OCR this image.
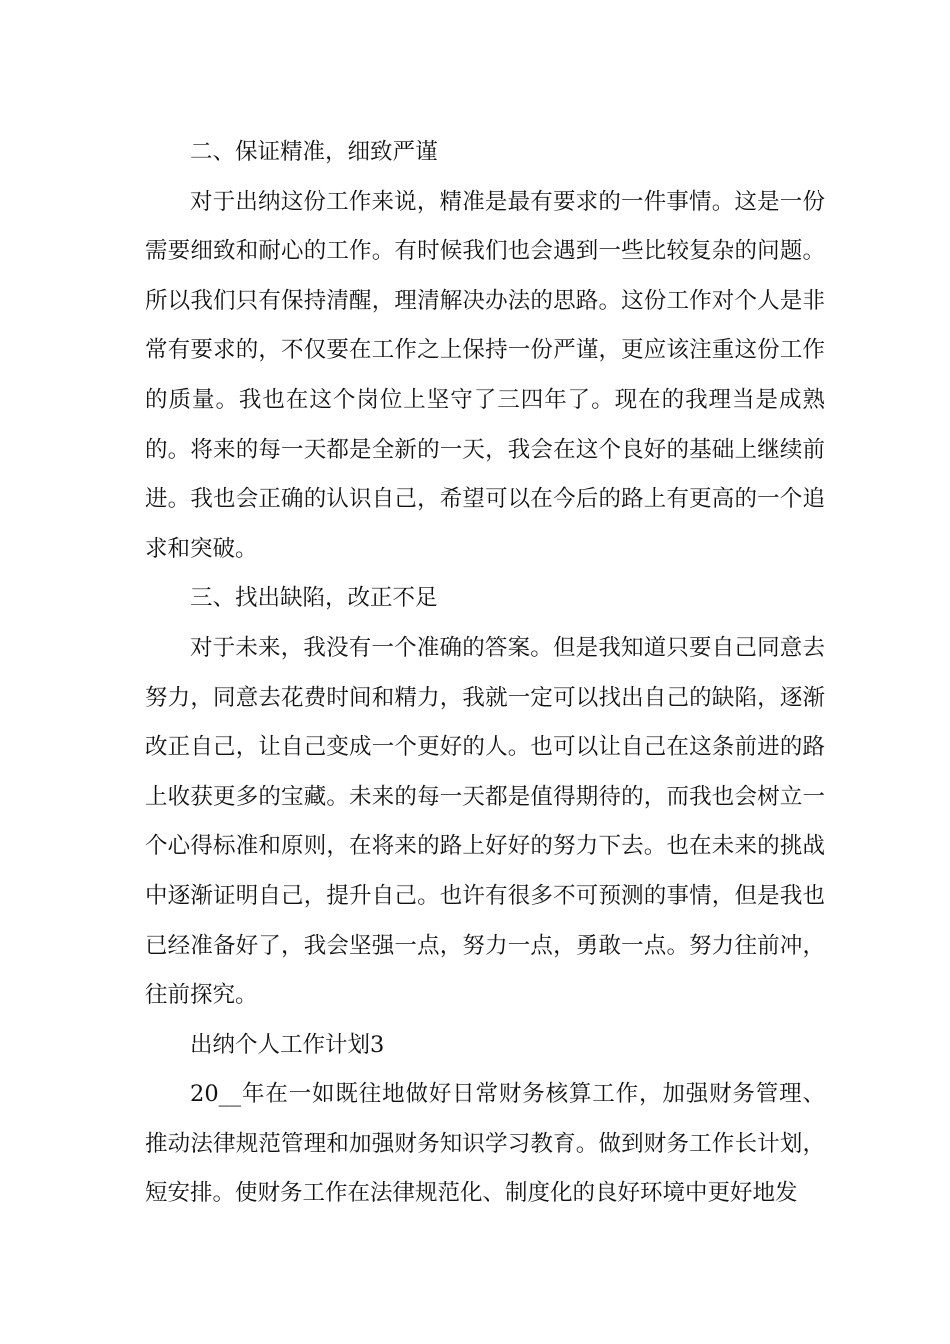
二、保证精准，细致严谨

对于出纳这份工作来说，精准是最有要求的一件事情。这是一份需要细致和耐心的工作。有时候我们也会遇到一些比较复杂的问题。所以我们只有保持清醒，理清解决办法的思路。这份工作对个人是非常有要求的，不仅要在工作之上保持一份严谨，更应该注重这份工作的质量。我也在这个岗位上坚守了三四年了。现在的我理当是成熟的。将来的每一天都是全新的一天，我会在这个良好的基础上继续前进。我也会正确的认识自己，希望可以在今后的路上有更高的一个追求和突破。

三、找出缺陷，改正不足

对于未来，我没有一个准确的答案。但是我知道只要自己同意去努力，同意去花费时间和精力，我就一定可以找出自己的缺陷，逐渐改正自己，让自己变成一个更好的人。也可以让自己在这条前进的路上收获更多的宝藏。未来的每一天都是值得期待的，而我也会树立一个心得标准和原则，在将来的路上好好的努力下去。也在未来的挑战中逐渐证明自己，提升自己。也许有很多不可预测的事情，但是我也已经准备好了，我会坚强一点，努力一点，勇敢一点。努力往前冲，往前探究。

出纳个人工作计划3

20__年在一如既往地做好日常财务核算工作，加强财务管理、推动法律规范管理和加强财务知识学习教育。做到财务工作长计划，短安排。使财务工作在法律规范化、制度化的良好环境中更好地发
